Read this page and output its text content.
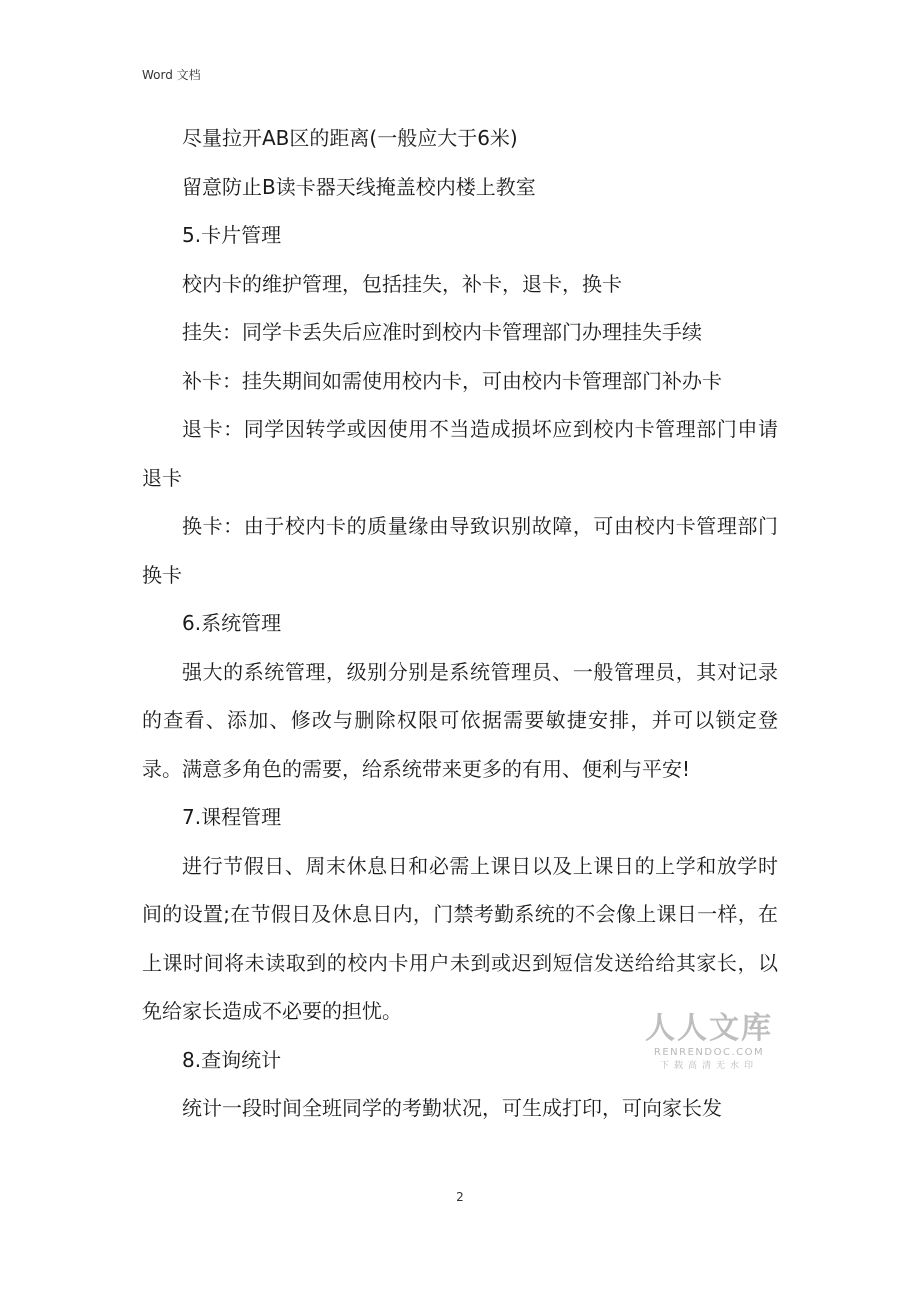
Word 文档

尽量拉开AB区的距离(一般应大于6米)

留意防止B读卡器天线掩盖校内楼上教室

5.卡片管理

校内卡的维护管理，包括挂失，补卡，退卡，换卡

挂失：同学卡丢失后应准时到校内卡管理部门办理挂失手续

补卡：挂失期间如需使用校内卡，可由校内卡管理部门补办卡

退卡：同学因转学或因使用不当造成损坏应到校内卡管理部门申请退卡

换卡：由于校内卡的质量缘由导致识别故障，可由校内卡管理部门换卡

6.系统管理

强大的系统管理，级别分别是系统管理员、一般管理员，其对记录的查看、添加、修改与删除权限可依据需要敏捷安排，并可以锁定登录。满意多角色的需要，给系统带来更多的有用、便利与平安!

7.课程管理

进行节假日、周末休息日和必需上课日以及上课日的上学和放学时间的设置;在节假日及休息日内，门禁考勤系统的不会像上课日一样，在上课时间将未读取到的校内卡用户未到或迟到短信发送给给其家长，以免给家长造成不必要的担忧。

8.查询统计

统计一段时间全班同学的考勤状况，可生成打印，可向家长发

人人文库
RENRENDOC.COM
下载高清无水印
2
